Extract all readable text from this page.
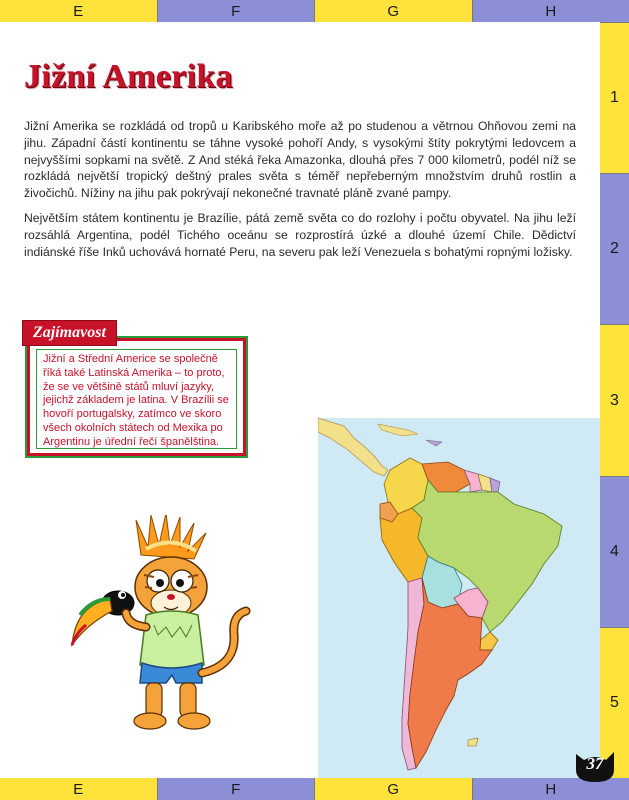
E	F	G	H
1
2
3
4
5
Jižní Amerika

Jižní Amerika se rozkládá od tropů u Karibského moře až po studenou a větrnou Ohňovou zemi na jihu. Západní částí kontinentu se táhne vysoké pohoří Andy, s vysokými štíty pokrytými ledovcem a nejvyššími sopkami na světě. Z And stéká řeka Amazonka, dlouhá přes 7 000 kilometrů, podél níž se rozkládá největší tropický deštný prales světa s téměř nepřeberným množstvím druhů rostlin a živočichů. Nížiny na jihu pak pokrývají nekonečné travnaté pláně zvané pampy.

Největším státem kontinentu je Brazílie, pátá země světa co do rozlohy i počtu obyvatel. Na jihu leží rozsáhlá Argentina, podél Tichého oceánu se rozprostírá úzké a dlouhé území Chile. Dědictví indiánské říše Inků uchovává hornaté Peru, na severu pak leží Venezuela s bohatými ropnými ložisky.

Zajímavost
Jižní a Střední Americe se společně říká také Latinská Amerika – to proto, že se ve většině států mluví jazyky, jejichž základem je latina. V Brazílii se hovoří portugalsky, zatímco ve skoro všech okolních státech od Mexika po Argentinu je úřední řečí španělština.
37
E	F	G	H
